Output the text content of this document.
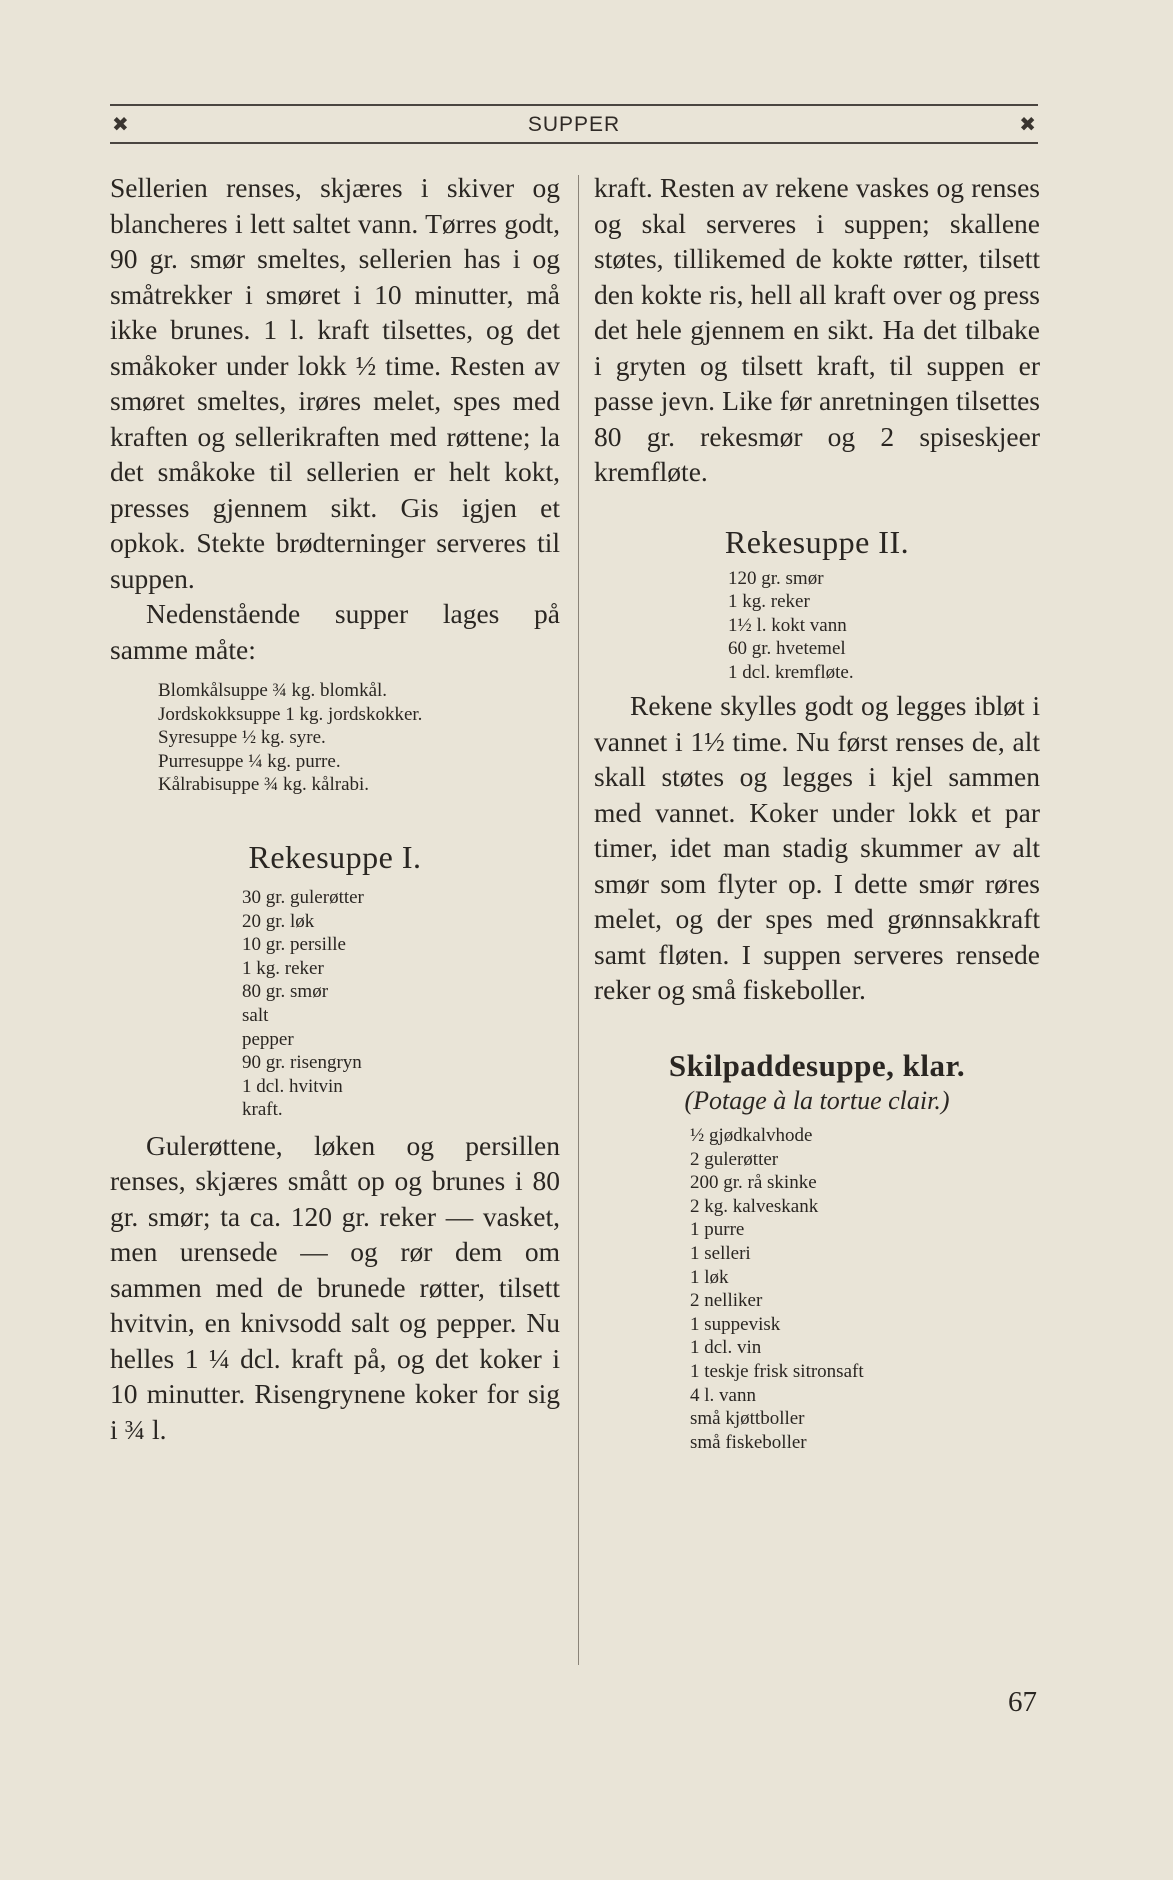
✖	SUPPER	✖

Sellerien renses, skjæres i skiver og blancheres i lett saltet vann. Tørres godt, 90 gr. smør smeltes, sellerien has i og småtrekker i smøret i 10 minutter, må ikke brunes. 1 l. kraft tilsettes, og det småkoker under lokk ½ time. Resten av smøret smeltes, irøres melet, spes med kraften og sellerikraften med røttene; la det småkoke til sellerien er helt kokt, presses gjennem sikt. Gis igjen et opkok. Stekte brødterninger serveres til suppen.

Nedenstående supper lages på samme måte:

Blomkålsuppe ¾ kg. blomkål.
Jordskokksuppe 1 kg. jordskokker.
Syresuppe ½ kg. syre.
Purresuppe ¼ kg. purre.
Kålrabisuppe ¾ kg. kålrabi.
Rekesuppe I.
30 gr. gulerøtter
20 gr. løk
10 gr. persille
1 kg. reker
80 gr. smør
salt
pepper
90 gr. risengryn
1 dcl. hvitvin
kraft.

Gulerøttene, løken og persillen renses, skjæres smått op og brunes i 80 gr. smør; ta ca. 120 gr. reker — vasket, men urensede — og rør dem om sammen med de brunede røtter, tilsett hvitvin, en knivsodd salt og pepper. Nu helles 1 ¼ dcl. kraft på, og det koker i 10 minutter. Risengrynene koker for sig i ¾ l.

kraft. Resten av rekene vaskes og renses og skal serveres i suppen; skallene støtes, tillikemed de kokte røtter, tilsett den kokte ris, hell all kraft over og press det hele gjennem en sikt. Ha det tilbake i gryten og tilsett kraft, til suppen er passe jevn. Like før anretningen tilsettes 80 gr. rekesmør og 2 spiseskjeer kremfløte.

Rekesuppe II.
120 gr. smør
1 kg. reker
1½ l. kokt vann
60 gr. hvetemel
1 dcl. kremfløte.

Rekene skylles godt og legges ibløt i vannet i 1½ time. Nu først renses de, alt skall støtes og legges i kjel sammen med vannet. Koker under lokk et par timer, idet man stadig skummer av alt smør som flyter op. I dette smør røres melet, og der spes med grønnsakkraft samt fløten. I suppen serveres rensede reker og små fiskeboller.

Skilpaddesuppe, klar.

(Potage à la tortue clair.)

½ gjødkalvhode
2 gulerøtter
200 gr. rå skinke
2 kg. kalveskank
1 purre
1 selleri
1 løk
2 nelliker
1 suppevisk
1 dcl. vin
1 teskje frisk sitronsaft
4 l. vann
små kjøttboller
små fiskeboller
67
